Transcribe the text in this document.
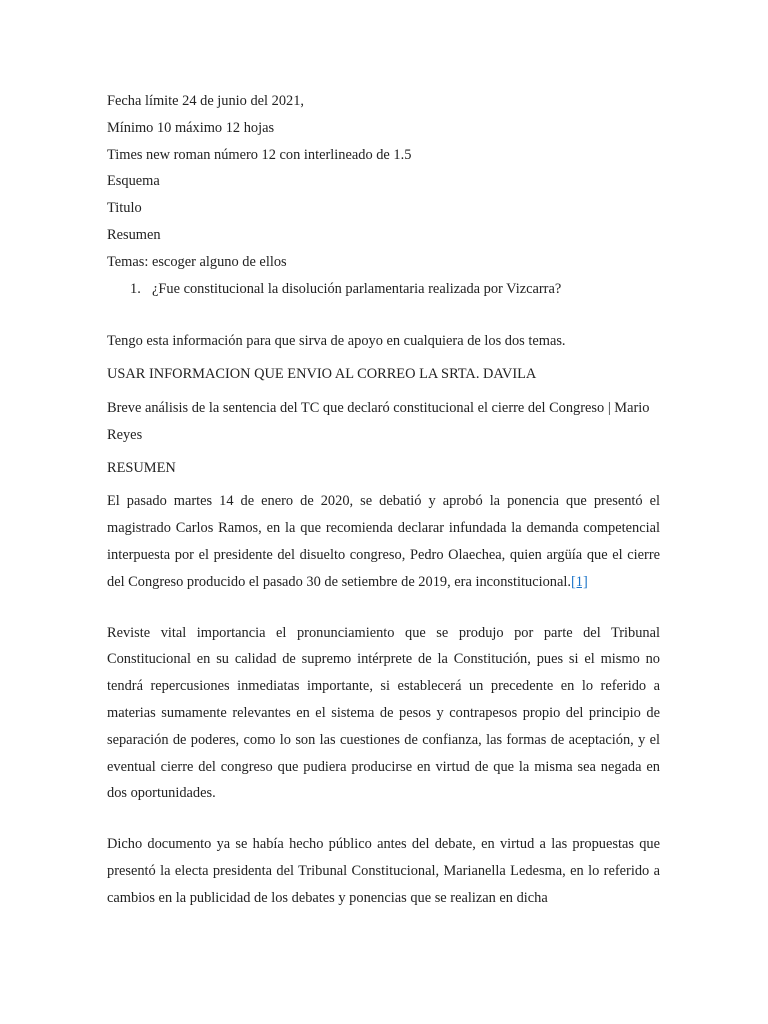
Fecha límite 24 de junio del 2021,
Mínimo 10 máximo 12 hojas
Times new roman número 12 con interlineado de 1.5
Esquema
Titulo
Resumen
Temas: escoger alguno de ellos
1. ¿Fue constitucional la disolución parlamentaria realizada por Vizcarra?
Tengo esta información para que sirva de apoyo en cualquiera de los dos temas.
USAR INFORMACION QUE ENVIO AL CORREO LA SRTA. DAVILA
Breve análisis de la sentencia del TC que declaró constitucional el cierre del Congreso | Mario Reyes
RESUMEN

El pasado martes 14 de enero de 2020, se debatió y aprobó la ponencia que presentó el magistrado Carlos Ramos, en la que recomienda declarar infundada la demanda competencial interpuesta por el presidente del disuelto congreso, Pedro Olaechea, quien argüía que el cierre del Congreso producido el pasado 30 de setiembre de 2019, era inconstitucional.[1]

Reviste vital importancia el pronunciamiento que se produjo por parte del Tribunal Constitucional en su calidad de supremo intérprete de la Constitución, pues si el mismo no tendrá repercusiones inmediatas importante, si establecerá un precedente en lo referido a materias sumamente relevantes en el sistema de pesos y contrapesos propio del principio de separación de poderes, como lo son las cuestiones de confianza, las formas de aceptación, y el eventual cierre del congreso que pudiera producirse en virtud de que la misma sea negada en dos oportunidades.

Dicho documento ya se había hecho público antes del debate, en virtud a las propuestas que presentó la electa presidenta del Tribunal Constitucional, Marianella Ledesma, en lo referido a cambios en la publicidad de los debates y ponencias que se realizan en dicha
